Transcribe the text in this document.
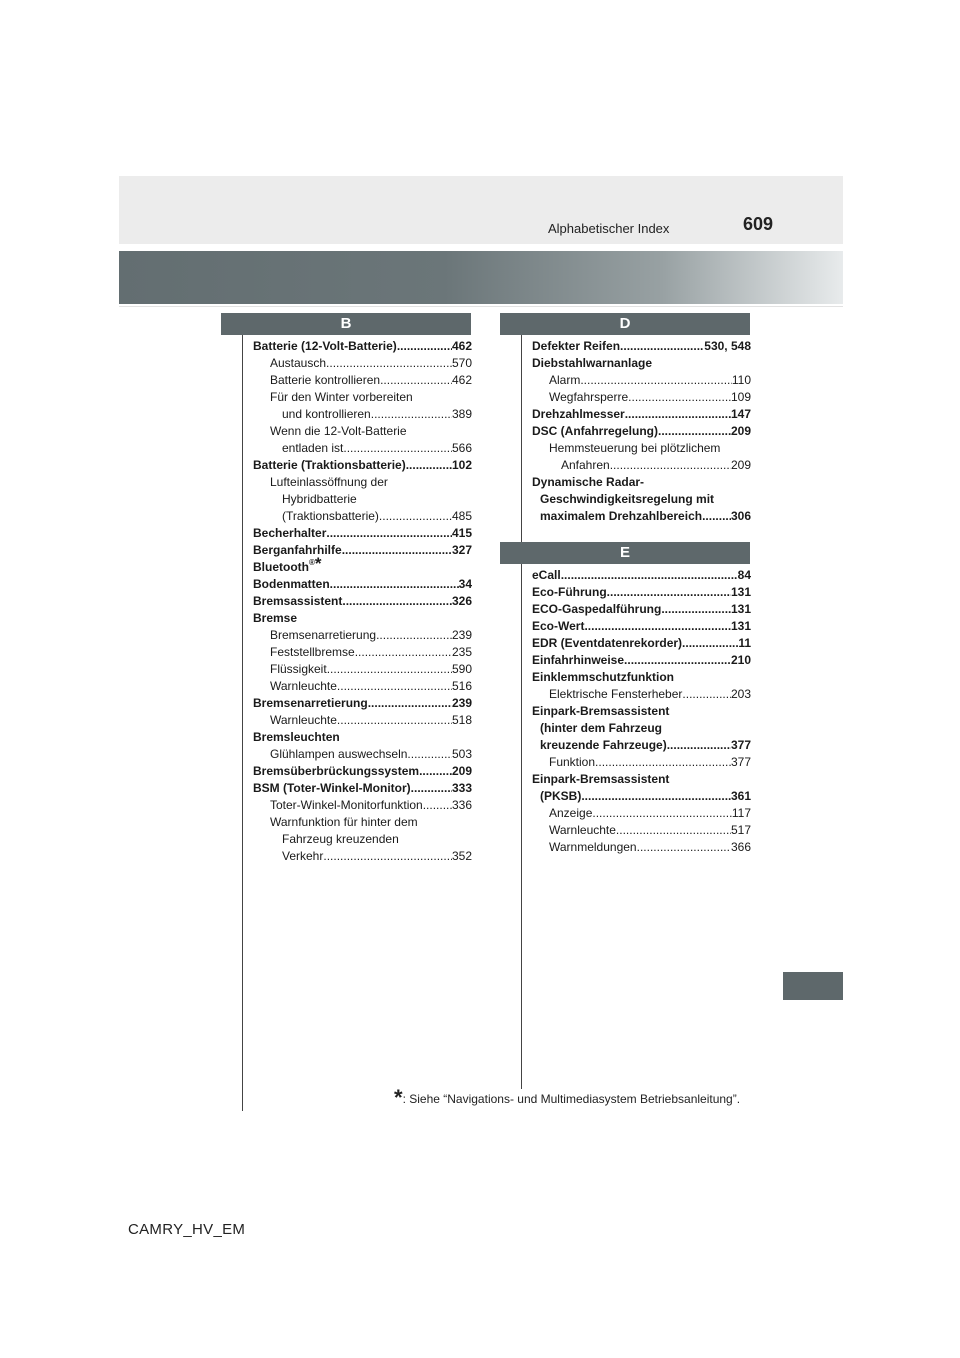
Alphabetischer Index	609
B	D
E
Batterie (12-Volt-Batterie) .....	462
Austausch .....	570
Batterie kontrollieren .....	462
Für den Winter vorbereiten
und kontrollieren .....	389
Wenn die 12-Volt-Batterie
entladen ist .....	566
Batterie (Traktionsbatterie) .....	102
Lufteinlassöffnung der
Hybridbatterie
(Traktionsbatterie) .....	485
Becherhalter .....	415
Berganfahrhilfe .....	327
Bluetooth®*
Bodenmatten .....	34
Bremsassistent .....	326
Bremse
Bremsenarretierung .....	239
Feststellbremse .....	235
Flüssigkeit .....	590
Warnleuchte .....	516
Bremsenarretierung .....	239
Warnleuchte .....	518
Bremsleuchten
Glühlampen auswechseln .....	503
Bremsüberbrückungssystem .....	209
BSM (Toter-Winkel-Monitor) .....	333
Toter-Winkel-Monitorfunktion ..... 336
Warnfunktion für hinter dem
Fahrzeug kreuzenden
Verkehr .....	352
Defekter Reifen .....	530, 548
Diebstahlwarnanlage
Alarm .....	110
Wegfahrsperre .....	109
Drehzahlmesser .....	147
DSC (Anfahrregelung) .....	209
Hemmsteuerung bei plötzlichem
Anfahren .....	209
Dynamische Radar-
Geschwindigkeitsregelung mit
maximalem Drehzahlbereich ..... 306
eCall .....	84
Eco-Führung .....	131
ECO-Gaspedalführung .....	131
Eco-Wert .....	131
EDR (Eventdatenrekorder) .....	11
Einfahrhinweise .....	210
Einklemmschutzfunktion
Elektrische Fensterheber .....	203
Einpark-Bremsassistent
(hinter dem Fahrzeug
kreuzende Fahrzeuge) .....	377
Funktion .....	377
Einpark-Bremsassistent
(PKSB) .....	361
Anzeige .....	117
Warnleuchte .....	517
Warnmeldungen .....	366
*: Siehe “Navigations- und Multimediasystem Betriebsanleitung”.
CAMRY_HV_EM
